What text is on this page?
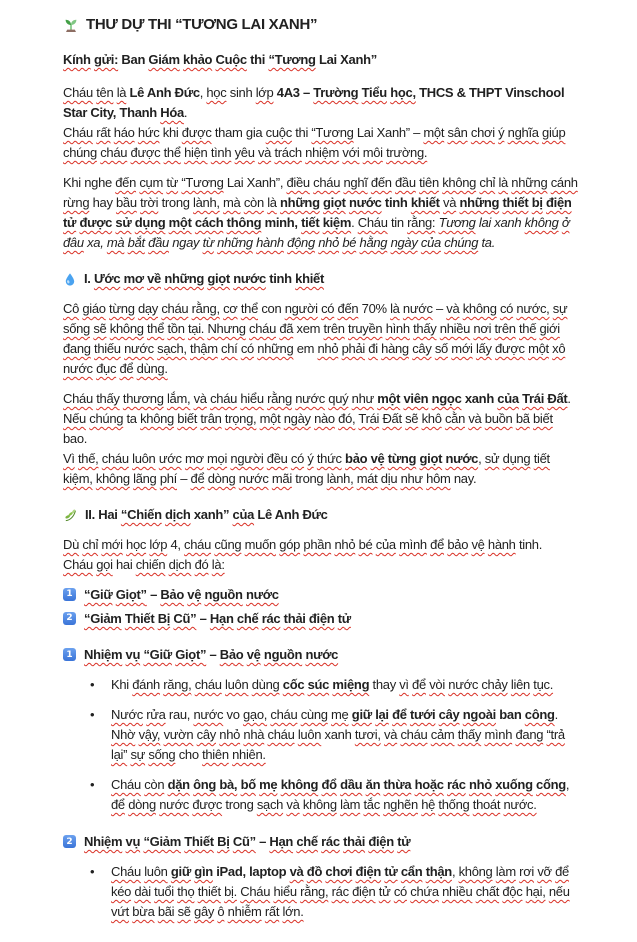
THƯ DỰ THI “TƯƠNG LAI XANH”
Kính gửi: Ban Giám khảo Cuộc thi “Tương Lai Xanh”
Cháu tên là Lê Anh Đức, học sinh lớp 4A3 – Trường Tiểu học, THCS & THPT Vinschool Star City, Thanh Hóa.
Cháu rất háo hức khi được tham gia cuộc thi “Tương Lai Xanh” – một sân chơi ý nghĩa giúp chúng cháu được thể hiện tình yêu và trách nhiệm với môi trường.
Khi nghe đến cụm từ “Tương Lai Xanh”, điều cháu nghĩ đến đầu tiên không chỉ là những cánh rừng hay bầu trời trong lành, mà còn là những giọt nước tinh khiết và những thiết bị điện tử được sử dụng một cách thông minh, tiết kiệm. Cháu tin rằng: Tương lai xanh không ở đâu xa, mà bắt đầu ngay từ những hành động nhỏ bé hằng ngày của chúng ta.
I. Ước mơ về những giọt nước tinh khiết
Cô giáo từng dạy cháu rằng, cơ thể con người có đến 70% là nước – và không có nước, sự sống sẽ không thể tồn tại. Nhưng cháu đã xem trên truyền hình thấy nhiều nơi trên thế giới đang thiếu nước sạch, thậm chí có những em nhỏ phải đi hàng cây số mới lấy được một xô nước đục để dùng.
Cháu thấy thương lắm, và cháu hiểu rằng nước quý như một viên ngọc xanh của Trái Đất. Nếu chúng ta không biết trân trọng, một ngày nào đó, Trái Đất sẽ khô cằn và buồn bã biết bao.
Vì thế, cháu luôn ước mơ mọi người đều có ý thức bảo vệ từng giọt nước, sử dụng tiết kiệm, không lãng phí – để dòng nước mãi trong lành, mát dịu như hôm nay.
II. Hai “Chiến dịch xanh” của Lê Anh Đức
Dù chỉ mới học lớp 4, cháu cũng muốn góp phần nhỏ bé của mình để bảo vệ hành tinh.
Cháu gọi hai chiến dịch đó là:
1 “Giữ Giọt” – Bảo vệ nguồn nước
2 “Giảm Thiết Bị Cũ” – Hạn chế rác thải điện tử
1 Nhiệm vụ “Giữ Giọt” – Bảo vệ nguồn nước
•	Khi đánh răng, cháu luôn dùng cốc súc miệng thay vì để vòi nước chảy liên tục.
•	Nước rửa rau, nước vo gạo, cháu cùng mẹ giữ lại để tưới cây ngoài ban công. Nhờ vậy, vườn cây nhỏ nhà cháu luôn xanh tươi, và cháu cảm thấy mình đang “trả lại” sự sống cho thiên nhiên.
•	Cháu còn dặn ông bà, bố mẹ không đổ dầu ăn thừa hoặc rác nhỏ xuống cống, để dòng nước được trong sạch và không làm tắc nghẽn hệ thống thoát nước.
2 Nhiệm vụ “Giảm Thiết Bị Cũ” – Hạn chế rác thải điện tử
•	Cháu luôn giữ gìn iPad, laptop và đồ chơi điện tử cẩn thận, không làm rơi vỡ để kéo dài tuổi thọ thiết bị. Cháu hiểu rằng, rác điện tử có chứa nhiều chất độc hại, nếu vứt bừa bãi sẽ gây ô nhiễm rất lớn.
